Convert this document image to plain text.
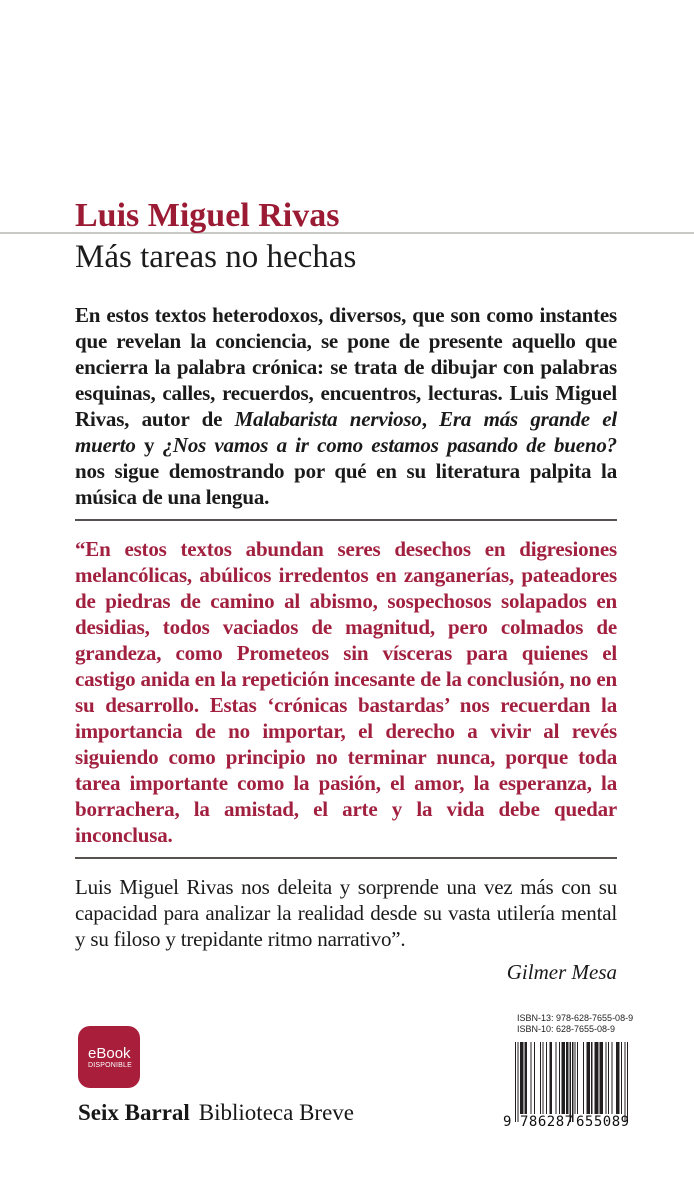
Luis Miguel Rivas
Más tareas no hechas

En estos textos heterodoxos, diversos, que son como instantes que revelan la conciencia, se pone de presente aquello que encierra la palabra crónica: se trata de dibujar con palabras esquinas, calles, recuerdos, encuentros, lecturas. Luis Miguel Rivas, autor de Malabarista nervioso, Era más grande el muerto y ¿Nos vamos a ir como estamos pasando de bueno? nos sigue demostrando por qué en su literatura palpita la música de una lengua.

“En estos textos abundan seres desechos en digresiones melancólicas, abúlicos irredentos en zanganerías, pateadores de piedras de camino al abismo, sospechosos solapados en desidias, todos vaciados de magnitud, pero colmados de grandeza, como Prometeos sin vísceras para quienes el castigo anida en la repetición incesante de la conclusión, no en su desarrollo. Estas ‘crónicas bastardas’ nos recuerdan la importancia de no importar, el derecho a vivir al revés siguiendo como principio no terminar nunca, porque toda tarea importante como la pasión, el amor, la esperanza, la borrachera, la amistad, el arte y la vida debe quedar inconclusa.

Luis Miguel Rivas nos deleita y sorprende una vez más con su capacidad para analizar la realidad desde su vasta utilería mental y su filoso y trepidante ritmo narrativo”.

Gilmer Mesa

eBook
DISPONIBLE
Seix Barral Biblioteca Breve
ISBN-13: 978-628-7655-08-9
ISBN-10: 628-7655-08-9
9 786287 655089
